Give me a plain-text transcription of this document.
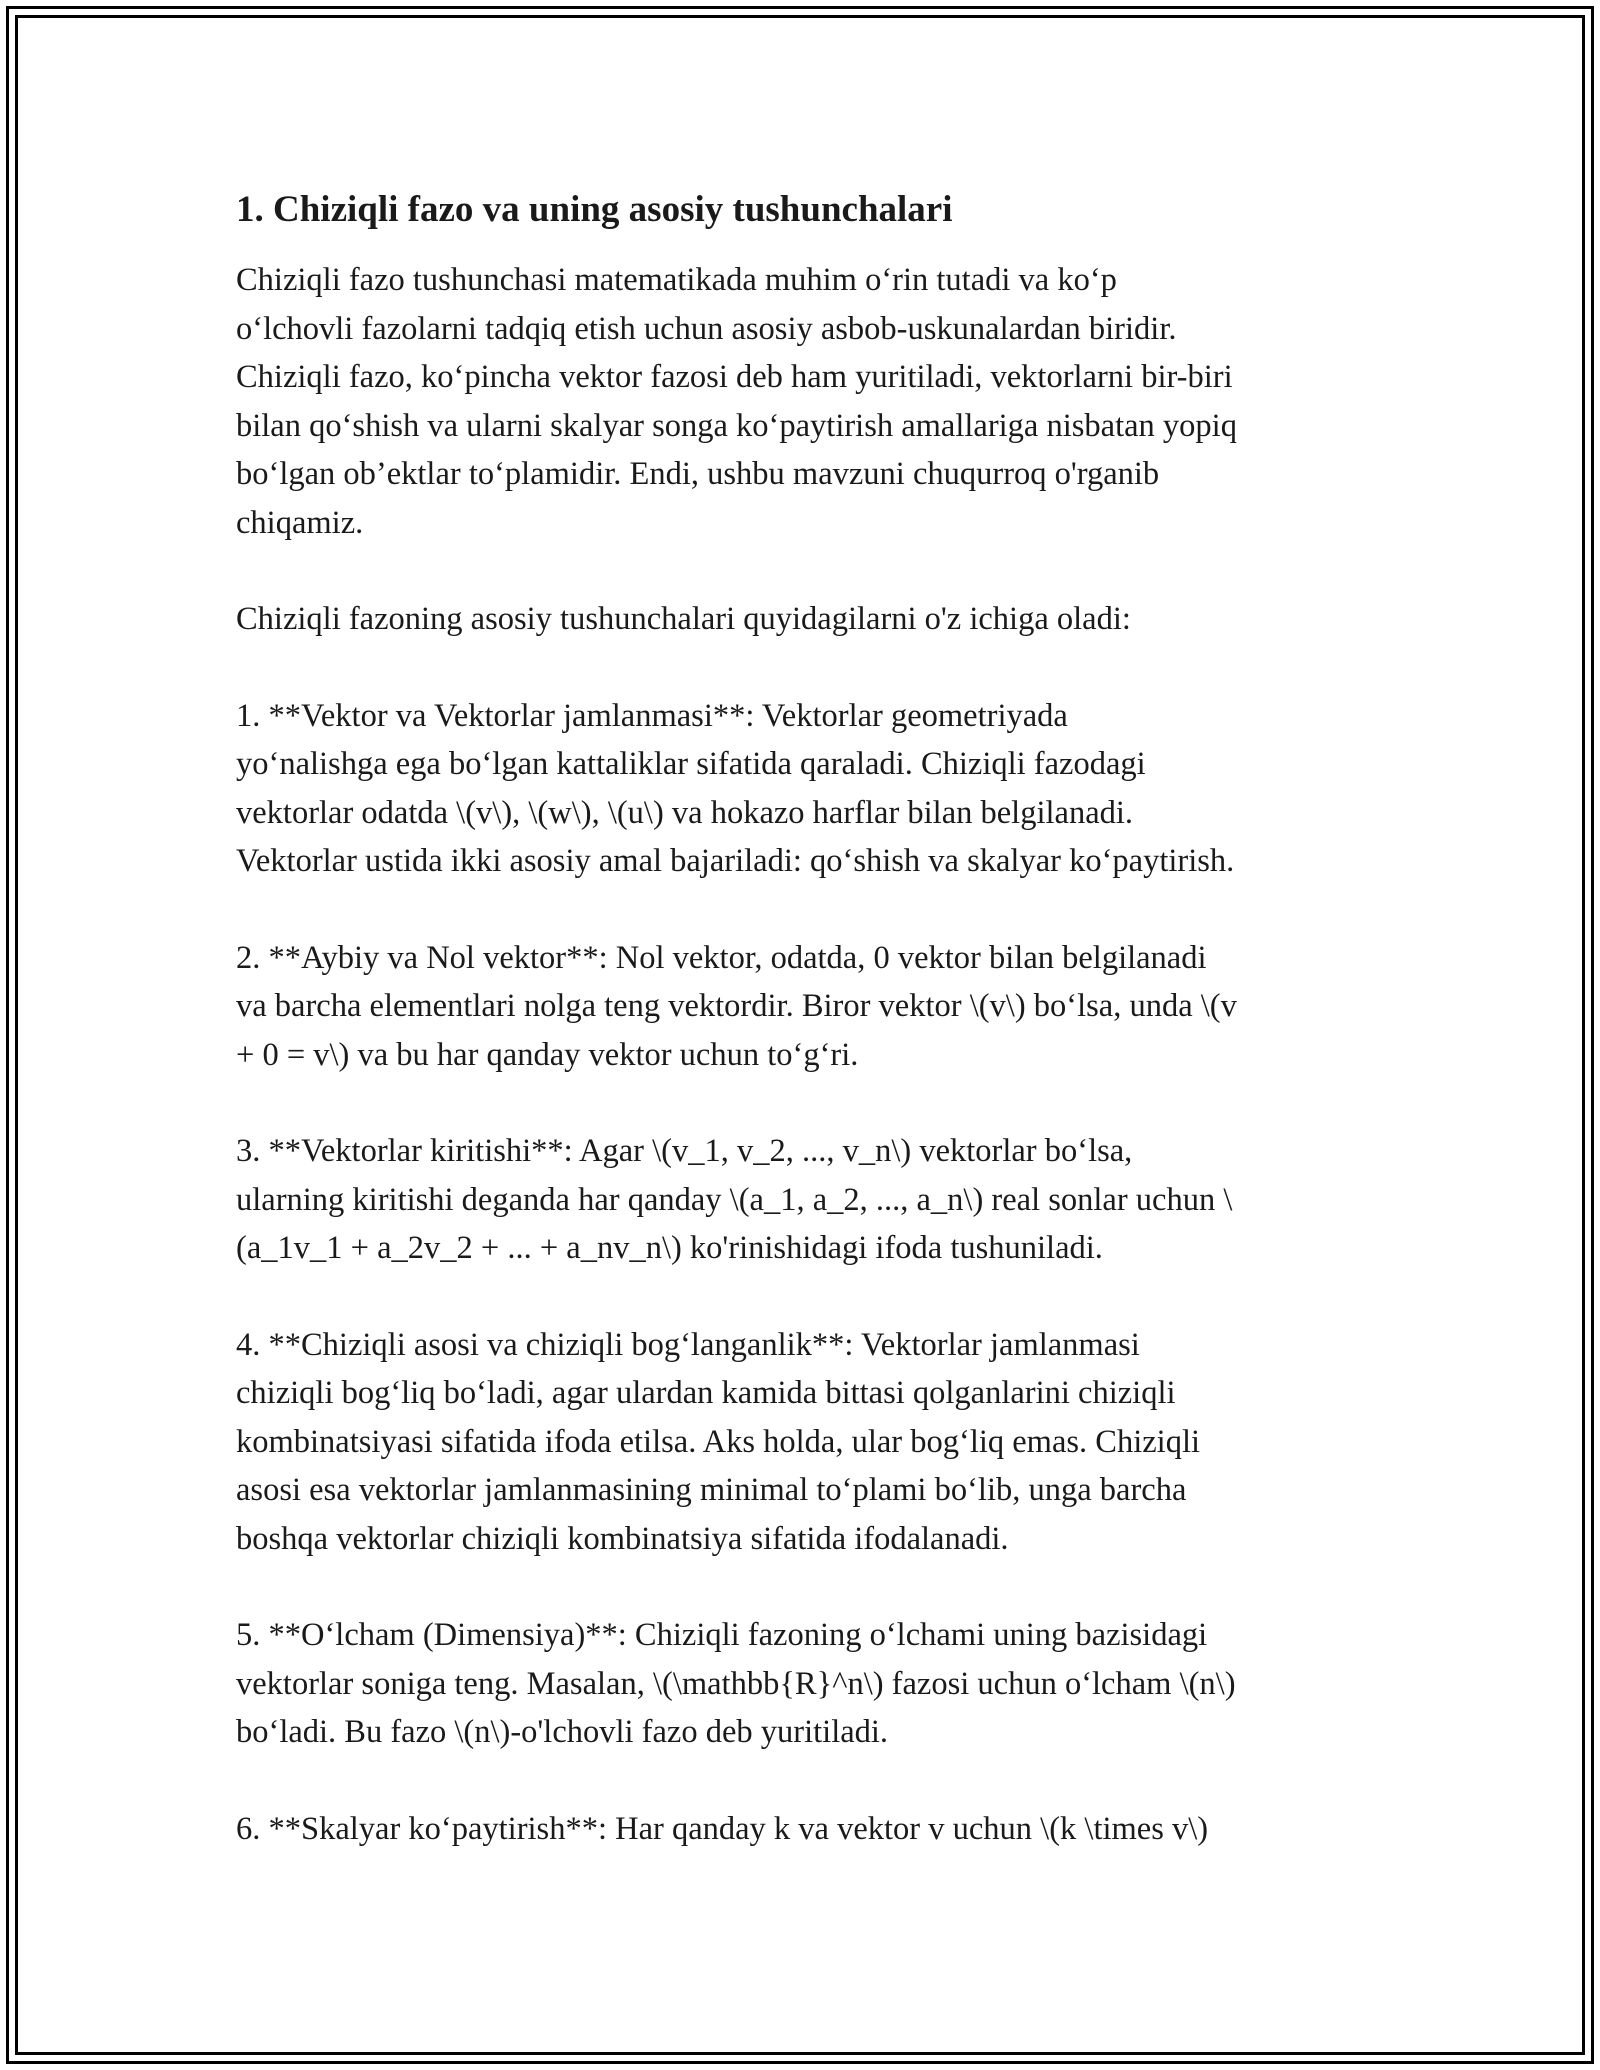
1. Chiziqli fazo va uning asosiy tushunchalari

Chiziqli fazo tushunchasi matematikada muhim o‘rin tutadi va ko‘p
o‘lchovli fazolarni tadqiq etish uchun asosiy asbob-uskunalardan biridir.
Chiziqli fazo, ko‘pincha vektor fazosi deb ham yuritiladi, vektorlarni bir-biri
bilan qo‘shish va ularni skalyar songa ko‘paytirish amallariga nisbatan yopiq
bo‘lgan ob’ektlar to‘plamidir. Endi, ushbu mavzuni chuqurroq o'rganib
chiqamiz.

Chiziqli fazoning asosiy tushunchalari quyidagilarni o'z ichiga oladi:

1. **Vektor va Vektorlar jamlanmasi**: Vektorlar geometriyada
yo‘nalishga ega bo‘lgan kattaliklar sifatida qaraladi. Chiziqli fazodagi
vektorlar odatda \(v\), \(w\), \(u\) va hokazo harflar bilan belgilanadi.
Vektorlar ustida ikki asosiy amal bajariladi: qo‘shish va skalyar ko‘paytirish.

2. **Aybiy va Nol vektor**: Nol vektor, odatda, 0 vektor bilan belgilanadi
va barcha elementlari nolga teng vektordir. Biror vektor \(v\) bo‘lsa, unda \(v
+ 0 = v\) va bu har qanday vektor uchun to‘g‘ri.

3. **Vektorlar kiritishi**: Agar \(v_1, v_2, ..., v_n\) vektorlar bo‘lsa,
ularning kiritishi deganda har qanday \(a_1, a_2, ..., a_n\) real sonlar uchun \
(a_1v_1 + a_2v_2 + ... + a_nv_n\) ko'rinishidagi ifoda tushuniladi.

4. **Chiziqli asosi va chiziqli bog‘langanlik**: Vektorlar jamlanmasi
chiziqli bog‘liq bo‘ladi, agar ulardan kamida bittasi qolganlarini chiziqli
kombinatsiyasi sifatida ifoda etilsa. Aks holda, ular bog‘liq emas. Chiziqli
asosi esa vektorlar jamlanmasining minimal to‘plami bo‘lib, unga barcha
boshqa vektorlar chiziqli kombinatsiya sifatida ifodalanadi.

5. **O‘lcham (Dimensiya)**: Chiziqli fazoning o‘lchami uning bazisidagi
vektorlar soniga teng. Masalan, \(\mathbb{R}^n\) fazosi uchun o‘lcham \(n\)
bo‘ladi. Bu fazo \(n\)-o'lchovli fazo deb yuritiladi.

6. **Skalyar ko‘paytirish**: Har qanday k va vektor v uchun \(k \times v\)
